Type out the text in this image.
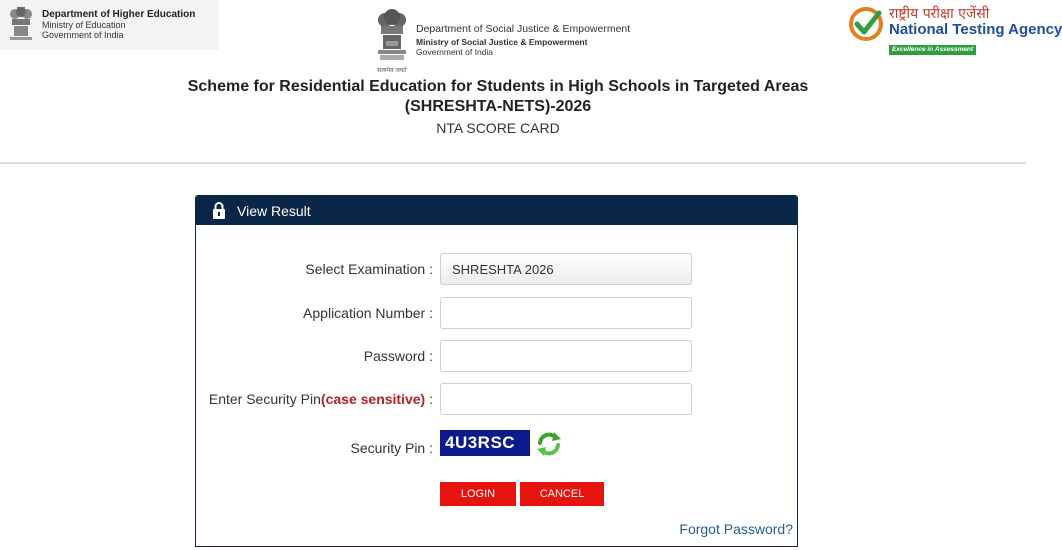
Department of Higher Education
Ministry of Education
Government of India
सत्यमेव जयते
Department of Social Justice & Empowerment
Ministry of Social Justice & Empowerment
Government of India
राष्ट्रीय परीक्षा एजेंसी
National Testing Agency
Excellence in Assessment
Scheme for Residential Education for Students in High Schools in Targeted Areas
(SHRESHTA-NETS)-2026
NTA SCORE CARD
View Result
Select Examination : SHRESHTA 2026
Application Number :
Password :
Enter Security Pin(case sensitive) :
Security Pin : 4U3RSC
LOGIN	CANCEL
Forgot Password?
